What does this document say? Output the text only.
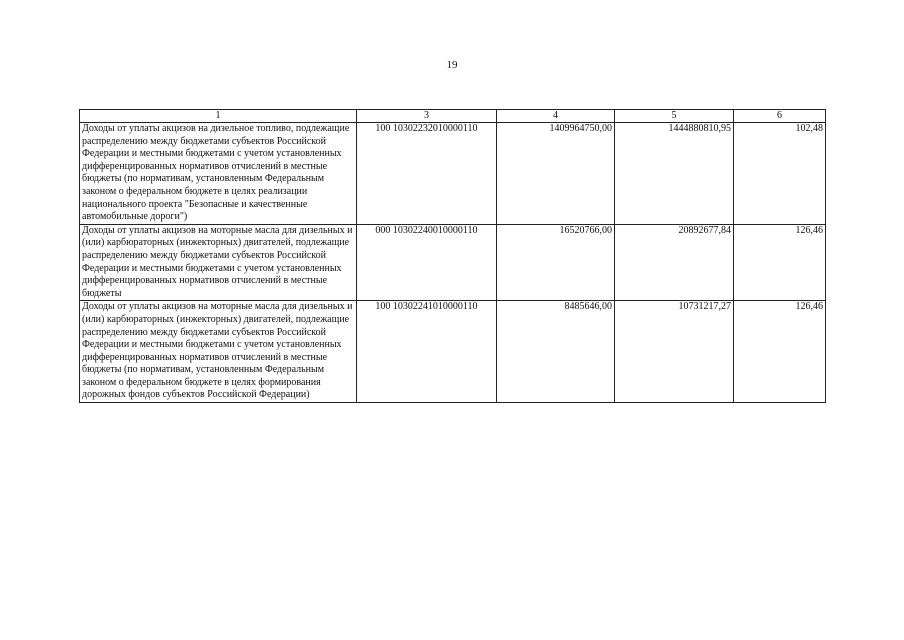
19
1	3	4	5	6
Доходы от уплаты акцизов на дизельное топливо, подлежащие распределению между бюджетами субъектов Российской Федерации и местными бюджетами с учетом установленных дифференцированных нормативов отчислений в местные бюджеты (по нормативам, установленным Федеральным законом о федеральном бюджете в целях реализации национального проекта "Безопасные и качественные автомобильные дороги")	100 10302232010000110	1409964750,00	1444880810,95	102,48
Доходы от уплаты акцизов на моторные масла для дизельных и (или) карбюраторных (инжекторных) двигателей, подлежащие распределению между бюджетами субъектов Российской Федерации и местными бюджетами с учетом установленных дифференцированных нормативов отчислений в местные бюджеты	000 10302240010000110	16520766,00	20892677,84	126,46
Доходы от уплаты акцизов на моторные масла для дизельных и (или) карбюраторных (инжекторных) двигателей, подлежащие распределению между бюджетами субъектов Российской Федерации и местными бюджетами с учетом установленных дифференцированных нормативов отчислений в местные бюджеты (по нормативам, установленным Федеральным законом о федеральном бюджете в целях формирования дорожных фондов субъектов Российской Федерации)	100 10302241010000110	8485646,00	10731217,27	126,46
